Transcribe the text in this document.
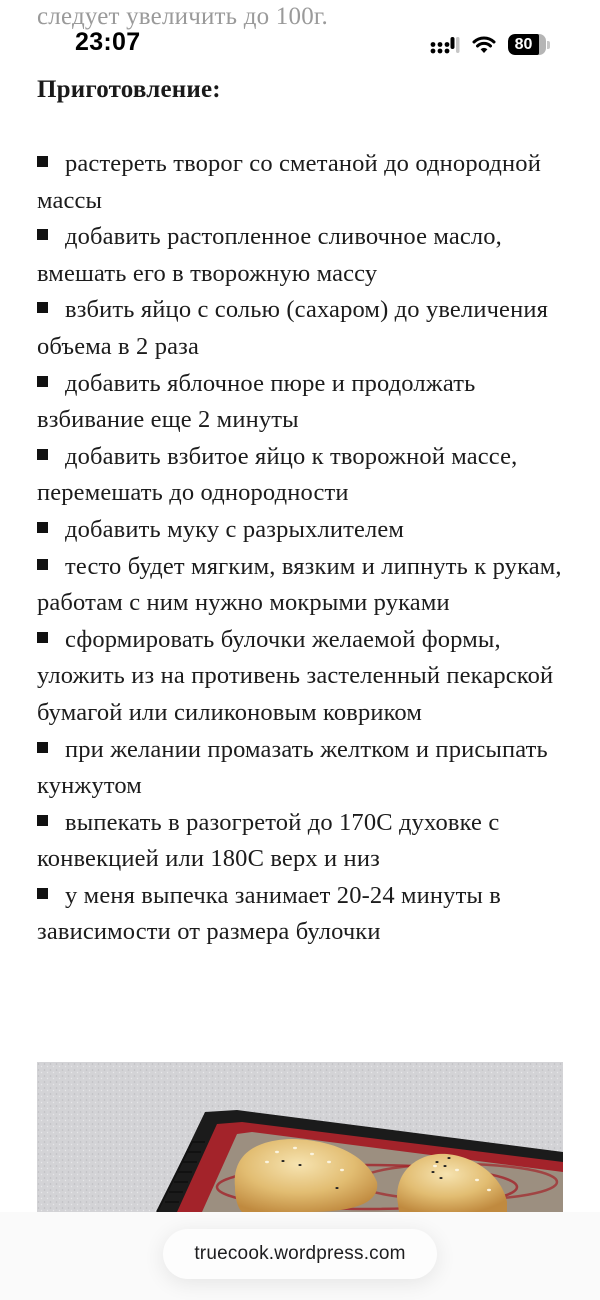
следует увеличить до 100г.
23:07	80
Приготовление:
растереть творог со сметаной до однородной массы
добавить растопленное сливочное масло, вмешать его в творожную массу
взбить яйцо с солью (сахаром) до увеличения объема в 2 раза
добавить яблочное пюре и продолжать взбивание еще 2 минуты
добавить взбитое яйцо к творожной массе, перемешать до однородности
добавить муку с разрыхлителем
тесто будет мягким, вязким и липнуть к рукам, работам с ним нужно мокрыми руками
сформировать булочки желаемой формы, уложить из на противень застеленный пекарской бумагой или силиконовым ковриком
при желании промазать желтком и присыпать кунжутом
выпекать в разогретой до 170С духовке с конвекцией или 180С верх и низ
у меня выпечка занимает 20-24 минуты в зависимости от размера булочки
truecook.wordpress.com
